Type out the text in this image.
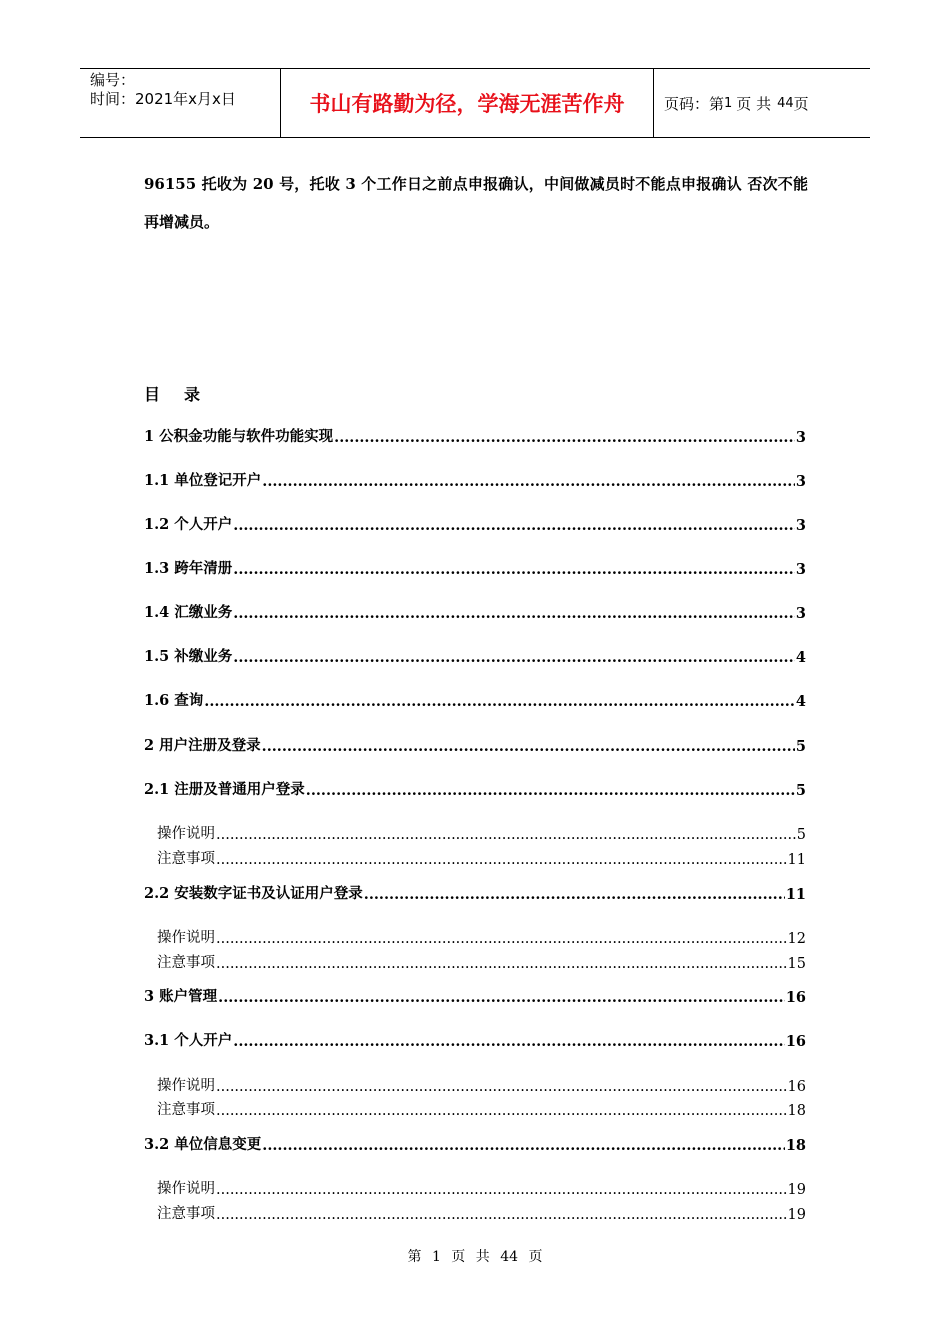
编号：
时间：2021年x月x日	书山有路勤为径，学海无涯苦作舟	页码：第 1 页 共 44 页
96155 托收为 20 号，托收 3 个工作日之前点申报确认，中间做减员时不能点申报确认 否次不能再增减员。
目 录
1 公积金功能与软件功能实现 .....	3
1.1 单位登记开户 .....	3
1.2 个人开户 .....	3
1.3 跨年清册 .....	3
1.4 汇缴业务 .....	3
1.5 补缴业务 .....	4
1.6 查询 .....	4
2 用户注册及登录 .....	5
2.1 注册及普通用户登录 .....	5
操作说明 .....	5
注意事项 .....	11
2.2 安装数字证书及认证用户登录 .....	11
操作说明 .....	12
注意事项 .....	15
3 账户管理 .....	16
3.1 个人开户 .....	16
操作说明 .....	16
注意事项 .....	18
3.2 单位信息变更 .....	18
操作说明 .....	19
注意事项 .....	19
第 1 页 共 44 页
